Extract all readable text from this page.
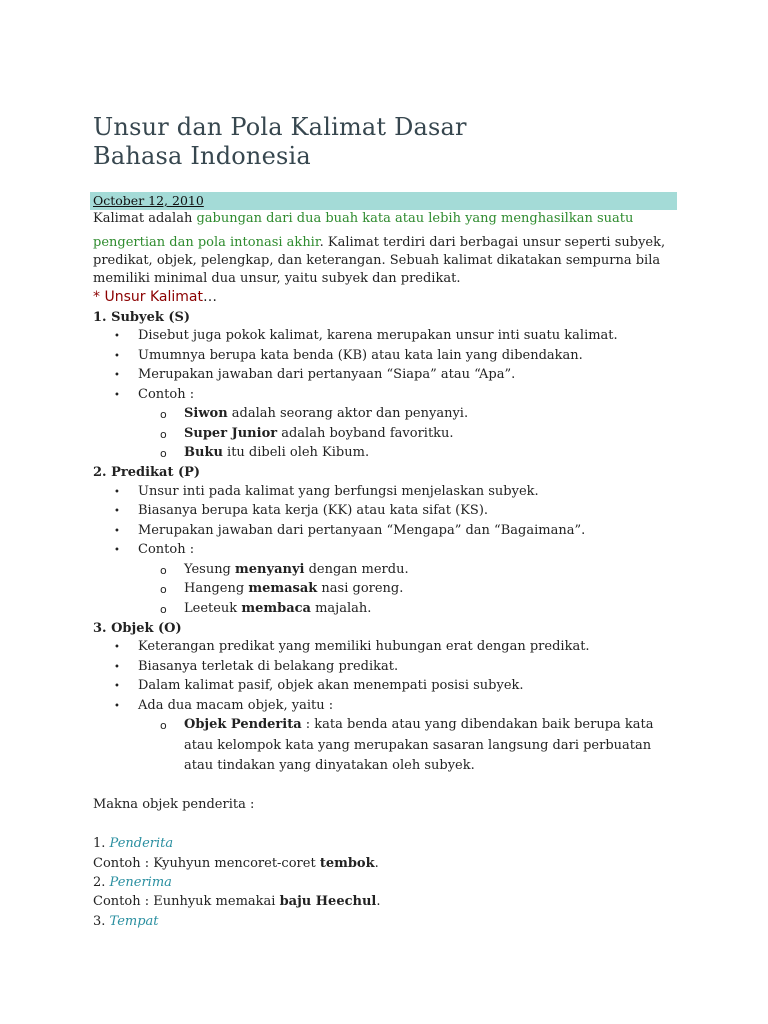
Unsur dan Pola Kalimat Dasar
Bahasa Indonesia
October 12, 2010
Kalimat adalah gabungan dari dua buah kata atau lebih yang menghasilkan suatu
pengertian dan pola intonasi akhir. Kalimat terdiri dari berbagai unsur seperti subyek,
predikat, objek, pelengkap, dan keterangan. Sebuah kalimat dikatakan sempurna bila
memiliki minimal dua unsur, yaitu subyek dan predikat.
* Unsur Kalimat…
1. Subyek (S)
• Disebut juga pokok kalimat, karena merupakan unsur inti suatu kalimat.
• Umumnya berupa kata benda (KB) atau kata lain yang dibendakan.
• Merupakan jawaban dari pertanyaan “Siapa” atau “Apa”.
• Contoh :
o Siwon adalah seorang aktor dan penyanyi.
o Super Junior adalah boyband favoritku.
o Buku itu dibeli oleh Kibum.
2. Predikat (P)
• Unsur inti pada kalimat yang berfungsi menjelaskan subyek.
• Biasanya berupa kata kerja (KK) atau kata sifat (KS).
• Merupakan jawaban dari pertanyaan “Mengapa” dan “Bagaimana”.
• Contoh :
o Yesung menyanyi dengan merdu.
o Hangeng memasak nasi goreng.
o Leeteuk membaca majalah.
3. Objek (O)
• Keterangan predikat yang memiliki hubungan erat dengan predikat.
• Biasanya terletak di belakang predikat.
• Dalam kalimat pasif, objek akan menempati posisi subyek.
• Ada dua macam objek, yaitu :
o Objek Penderita : kata benda atau yang dibendakan baik berupa kata
atau kelompok kata yang merupakan sasaran langsung dari perbuatan
atau tindakan yang dinyatakan oleh subyek.
Makna objek penderita :
1. Penderita
Contoh : Kyuhyun mencoret-coret tembok.
2. Penerima
Contoh : Eunhyuk memakai baju Heechul.
3. Tempat
